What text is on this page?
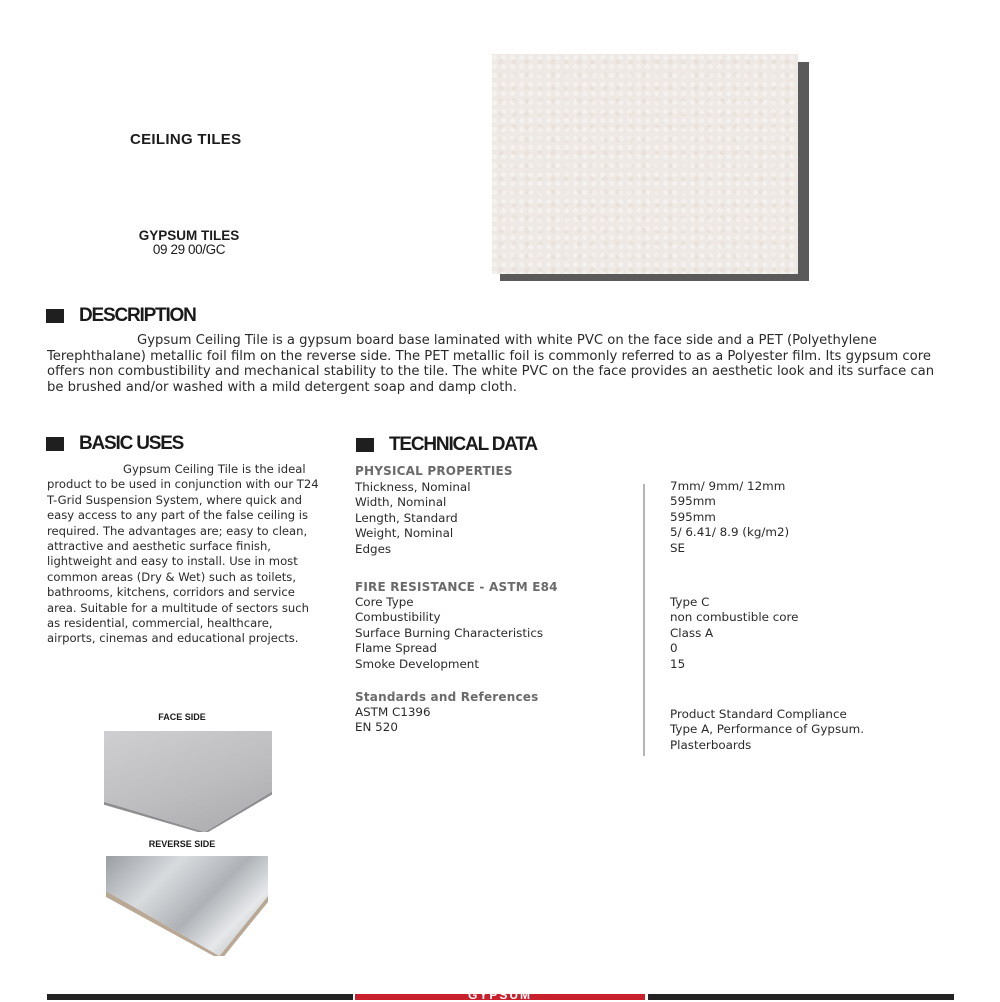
CEILING TILES
GYPSUM TILES
09 29 00/GC
DESCRIPTION
Gypsum Ceiling Tile is a gypsum board base laminated with white PVC on the face side and a PET (Polyethylene Terephthalane) metallic foil film on the reverse side. The PET metallic foil is commonly referred to as a Polyester film. Its gypsum core offers non combustibility and mechanical stability to the tile. The white PVC on the face provides an aesthetic look and its surface can be brushed and/or washed with a mild detergent soap and damp cloth.
BASIC USES
Gypsum Ceiling Tile is the ideal product to be used in conjunction with our T24 T-Grid Suspension System, where quick and easy access to any part of the false ceiling is required. The advantages are; easy to clean, attractive and aesthetic surface finish, lightweight and easy to install. Use in most common areas (Dry & Wet) such as toilets, bathrooms, kitchens, corridors and service area. Suitable for a multitude of sectors such as residential, commercial, healthcare, airports, cinemas and educational projects.
FACE SIDE
REVERSE SIDE
TECHNICAL DATA
PHYSICAL PROPERTIES
Thickness, Nominal
Width, Nominal
Length, Standard
Weight, Nominal
Edges
7mm/ 9mm/ 12mm
595mm
595mm
5/ 6.41/ 8.9 (kg/m2)
SE
FIRE RESISTANCE - ASTM E84
Core Type
Combustibility
Surface Burning Characteristics
Flame Spread
Smoke Development
Type C
non combustible core
Class A
0
15
Standards and References
ASTM C1396
EN 520
Product Standard Compliance
Type A, Performance of Gypsum.
Plasterboards
GYPSUM
